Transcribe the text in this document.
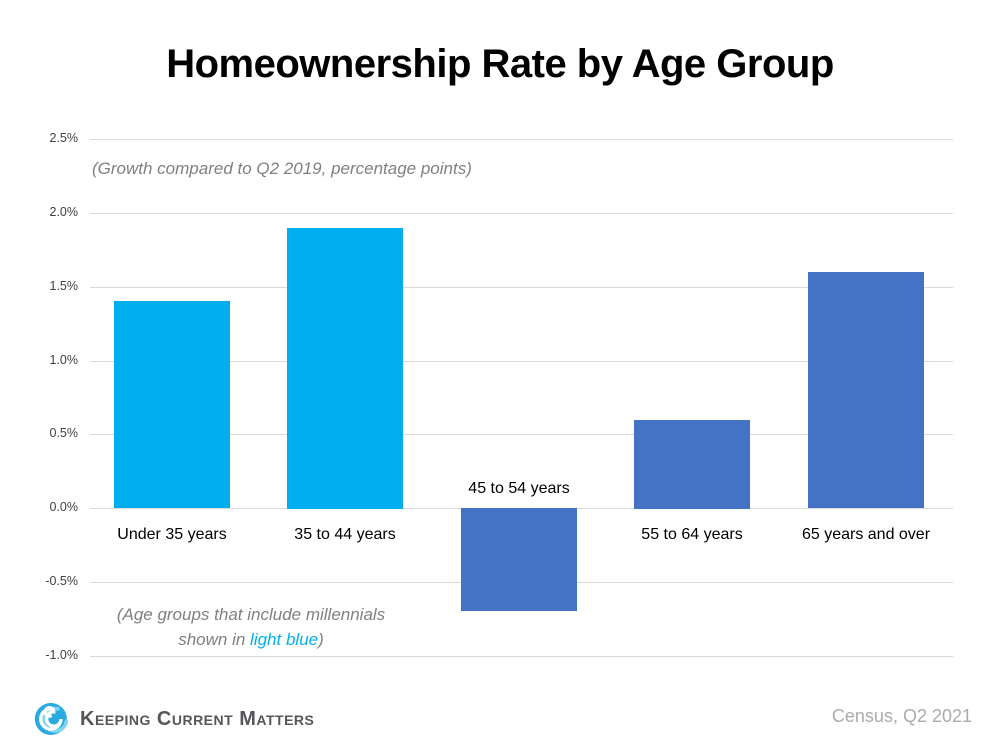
Homeownership Rate by Age Group
(Growth compared to Q2 2019, percentage points)
(Age groups that include millennials
shown in light blue)
Keeping Current Matters	Census, Q2 2021
2.5%
2.0%
1.5%
1.0%
0.5%
0.0%
-0.5%
-1.0%
Under 35 years	35 to 44 years
45 to 54 years
55 to 64 years	65 years and over
